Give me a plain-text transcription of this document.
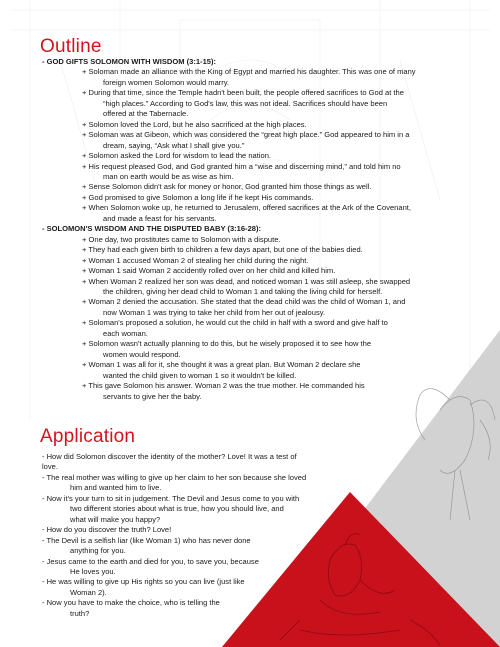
Outline
- GOD GIFTS SOLOMON WITH WISDOM (3:1-15):
+ Soloman made an alliance with the King of Egypt and married his daughter. This was one of many
foreign women Solomon would marry.
+ During that time, since the Temple hadn't been built, the people offered sacrifices to God at the
“high places.” According to God's law, this was not ideal. Sacrifices should have been
offered at the Tabernacle.
+ Solomon loved the Lord, but he also sacrificed at the high places.
+ Soloman was at Gibeon, which was considered the “great high place.” God appeared to him in a
dream, saying, “Ask what I shall give you.”
+ Solomon asked the Lord for wisdom to lead the nation.
+ His request pleased God, and God granted him a “wise and discerning mind,” and told him no
man on earth would be as wise as him.
+ Sense Solomon didn't ask for money or honor, God granted him those things as well.
+ God promised to give Solomon a long life if he kept His commands.
+ When Solomon woke up, he returned to Jerusalem, offered sacrifices at the Ark of the Covenant,
and made a feast for his servants.
- SOLOMON'S WISDOM AND THE DISPUTED BABY (3:16-28):
+ One day, two prostitutes came to Solomon with a dispute.
+ They had each given birth to children a few days apart, but one of the babies died.
+ Woman 1 accused Woman 2 of stealing her child during the night.
+ Woman 1 said Woman 2 accidently rolled over on her child and killed him.
+ When Woman 2 realized her son was dead, and noticed woman 1 was still asleep, she swapped
the children, giving her dead child to Woman 1 and taking the living child for herself.
+ Woman 2 denied the accusation. She stated that the dead child was the child of Woman 1, and
now Woman 1 was trying to take her child from her out of jealousy.
+ Soloman's proposed a solution, he would cut the child in half with a sword and give half to
each woman.
+ Solomon wasn't actually planning to do this, but he wisely proposed it to see how the
women would respond.
+ Woman 1 was all for it, she thought it was a great plan. But Woman 2 declare she
wanted the child given to woman 1 so it wouldn't be killed.
+ This gave Solomon his answer. Woman 2 was the true mother. He commanded his
servants to give her the baby.
Application
- How did Solomon discover the identity of the mother? Love! It was a test of love.
- The real mother was willing to give up her claim to her son because she loved
him and wanted him to live.
- Now it's your turn to sit in judgement. The Devil and Jesus come to you with
two different stories about what is true, how you should live, and
what will make you happy?
- How do you discover the truth? Love!
- The Devil is a selfish liar (like Woman 1) who has never done
anything for you.
- Jesus came to the earth and died for you, to save you, because
He loves you.
- He was willing to give up His rights so you can live (just like
Woman 2).
- Now you have to make the choice, who is telling the
truth?
